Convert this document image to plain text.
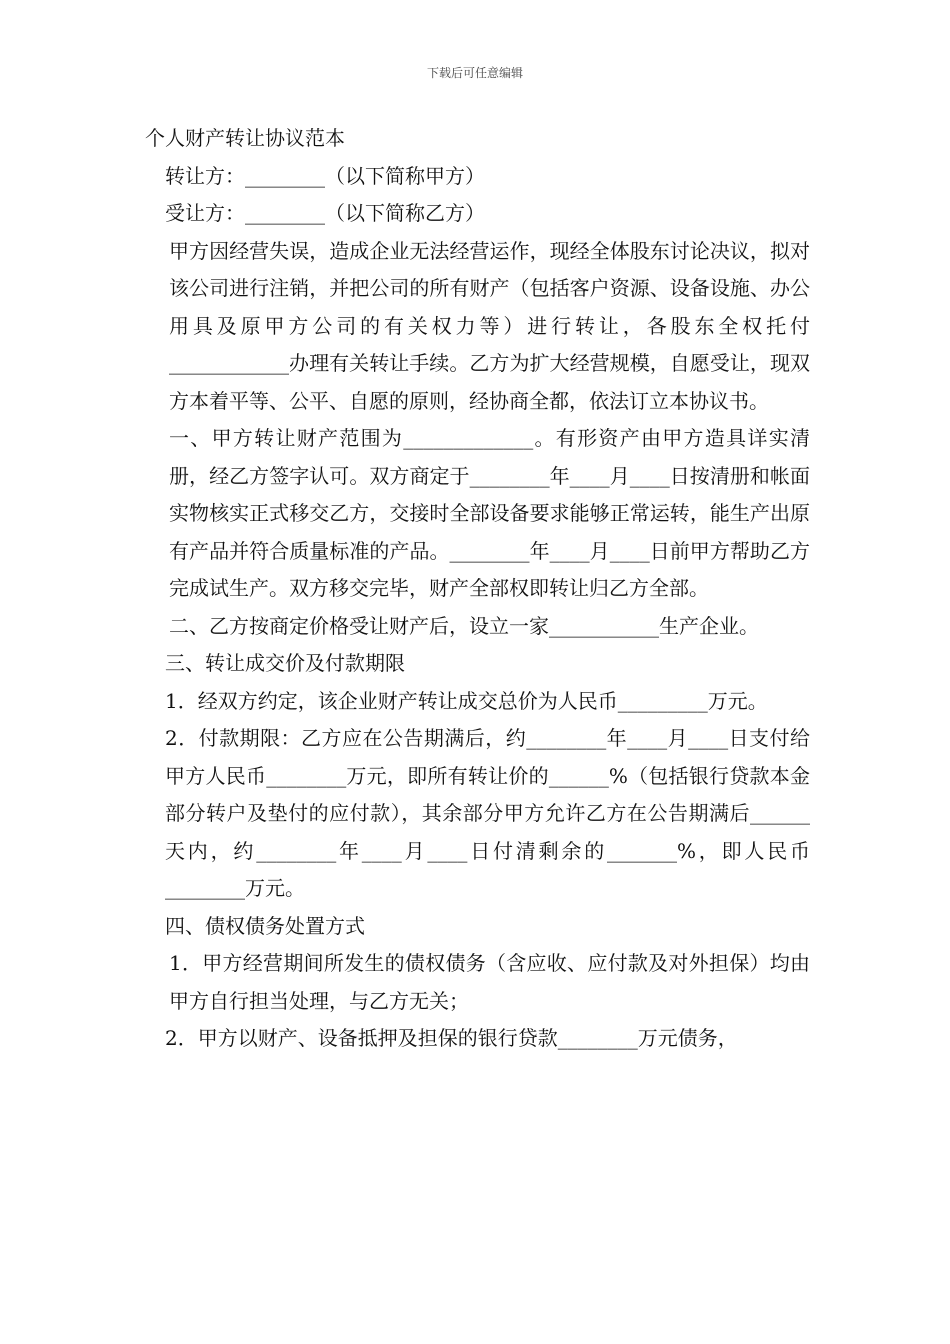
下载后可任意编辑

个人财产转让协议范本

转让方：________（以下简称甲方）

受让方：________（以下简称乙方）

甲方因经营失误，造成企业无法经营运作，现经全体股东讨论决议，拟对该公司进行注销，并把公司的所有财产（包括客户资源、设备设施、办公用具及原甲方公司的有关权力等）进行转让，各股东全权托付____________办理有关转让手续。乙方为扩大经营规模，自愿受让，现双方本着平等、公平、自愿的原则，经协商全都，依法订立本协议书。

一、甲方转让财产范围为_____________。有形资产由甲方造具详实清册，经乙方签字认可。双方商定于________年____月____日按清册和帐面实物核实正式移交乙方，交接时全部设备要求能够正常运转，能生产出原有产品并符合质量标准的产品。________年____月____日前甲方帮助乙方完成试生产。双方移交完毕，财产全部权即转让归乙方全部。

二、乙方按商定价格受让财产后，设立一家___________生产企业。

三、转让成交价及付款期限

1．经双方约定，该企业财产转让成交总价为人民币_________万元。

2．付款期限：乙方应在公告期满后，约________年____月____日支付给甲方人民币________万元，即所有转让价的______%（包括银行贷款本金部分转户及垫付的应付款），其余部分甲方允许乙方在公告期满后______天内，约________年____月____日付清剩余的_______%，即人民币________万元。

四、债权债务处置方式

1．甲方经营期间所发生的债权债务（含应收、应付款及对外担保）均由甲方自行担当处理，与乙方无关；

2．甲方以财产、设备抵押及担保的银行贷款________万元债务，
